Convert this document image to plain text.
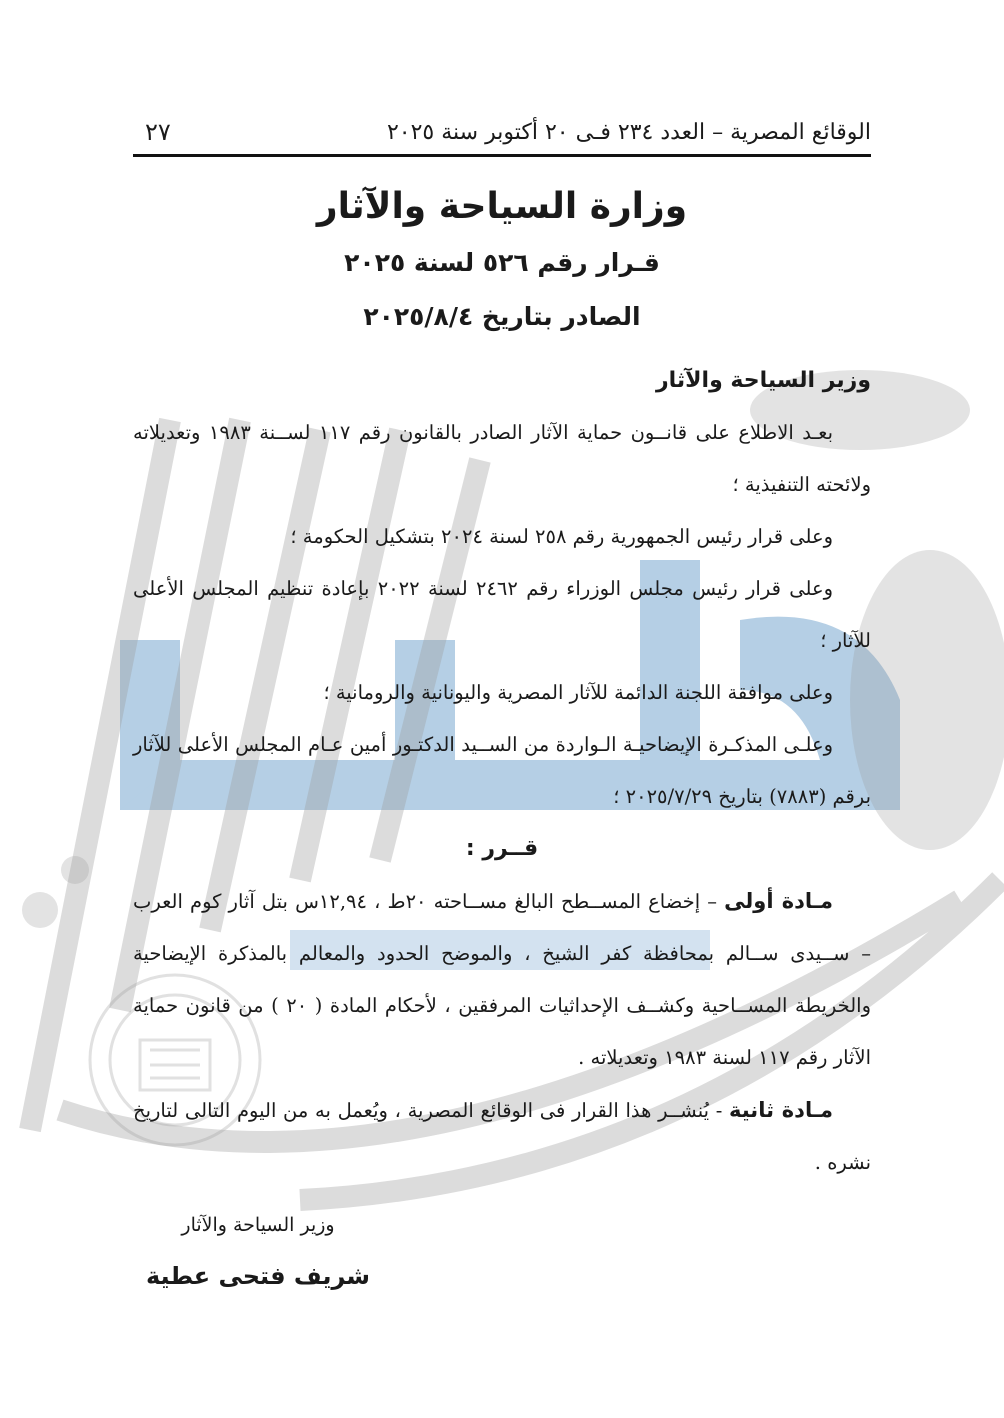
الوقائع المصرية – العدد ٢٣٤ فـى ٢٠ أكتوبر سنة ٢٠٢٥
٢٧
وزارة السياحة والآثار
قـرار رقم ٥٢٦ لسنة ٢٠٢٥
الصادر بتاريخ ٢٠٢٥/٨/٤

وزير السياحة والآثار

بعـد الاطلاع على قانــون حماية الآثار الصادر بالقانون رقم ١١٧ لســنة ١٩٨٣ وتعديلاته ولائحته التنفيذية ؛

وعلى قرار رئيس الجمهورية رقم ٢٥٨ لسنة ٢٠٢٤ بتشكيل الحكومة ؛

وعلى قرار رئيس مجلس الوزراء رقم ٢٤٦٢ لسنة ٢٠٢٢ بإعادة تنظيم المجلس الأعلى للآثار ؛

وعلى موافقة اللجنة الدائمة للآثار المصرية واليونانية والرومانية ؛

وعلـى المذكـرة الإيضاحيـة الـواردة من الســيد الدكتـور أمين عـام المجلس الأعلى للآثار برقم (٧٨٨٣) بتاريخ ٢٠٢٥/٧/٢٩ ؛

قــرر :

مـادة أولى – إخضاع المســطح البالغ مســاحته ٢٠ط ، ١٢,٩٤س بتل آثار كوم العرب – ســيدى ســالم بمحافظة كفر الشيخ ، والموضح الحدود والمعالم بالمذكرة الإيضاحية والخريطة المســاحية وكشــف الإحداثيات المرفقين ، لأحكام المادة ( ٢٠ ) من قانون حماية الآثار رقم ١١٧ لسنة ١٩٨٣ وتعديلاته .

مـادة ثانية - يُنشــر هذا القرار فى الوقائع المصرية ، ويُعمل به من اليوم التالى لتاريخ نشره .

وزير السياحة والآثار
شريف فتحى عطية
